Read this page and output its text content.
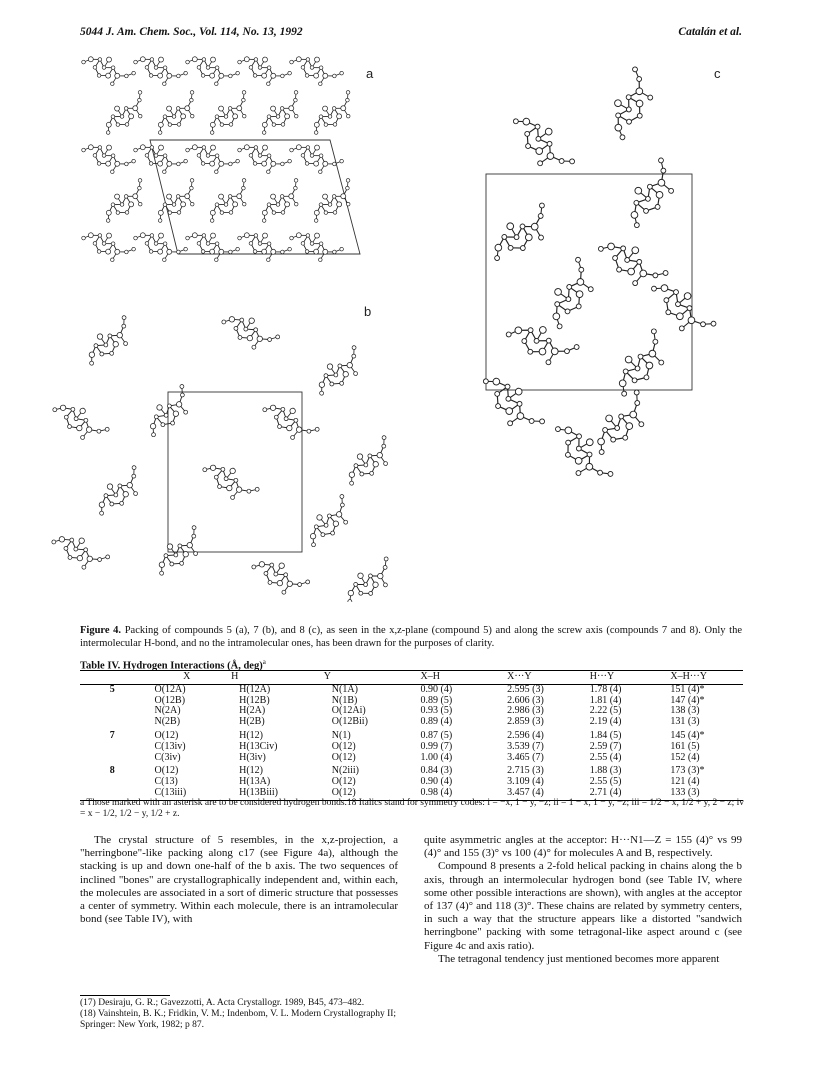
5044 J. Am. Chem. Soc., Vol. 114, No. 13, 1992	Catalán et al.
a
b
c
Figure 4. Packing of compounds 5 (a), 7 (b), and 8 (c), as seen in the x,z-plane (compound 5) and along the screw axis (compounds 7 and 8). Only the intermolecular H-bond, and no the intramolecular ones, has been drawn for the purposes of clarity.
Table IV. Hydrogen Interactions (Å, deg)$^a$
	X	H	Y	X–H	X···Y	H···Y	X–H···Y
5	O(12A)	H(12A)	N(1A)	0.90 (4)	2.595 (3)	1.78 (4)	151 (4)*
	O(12B)	H(12B)	N(1B)	0.89 (5)	2.606 (3)	1.81 (4)	147 (4)*
	N(2A)	H(2A)	O(12Ai)	0.93 (5)	2.986 (3)	2.22 (5)	138 (3)
	N(2B)	H(2B)	O(12Bii)	0.89 (4)	2.859 (3)	2.19 (4)	131 (3)
7	O(12)	H(12)	N(1)	0.87 (5)	2.596 (4)	1.84 (5)	145 (4)*
	C(13iv)	H(13Civ)	O(12)	0.99 (7)	3.539 (7)	2.59 (7)	161 (5)
	C(3iv)	H(3iv)	O(12)	1.00 (4)	3.465 (7)	2.55 (4)	152 (4)
8	O(12)	H(12)	N(2iii)	0.84 (3)	2.715 (3)	1.88 (3)	173 (3)*
	C(13)	H(13A)	O(12)	0.90 (4)	3.109 (4)	2.55 (5)	121 (4)
	C(13iii)	H(13Biii)	O(12)	0.98 (4)	3.457 (4)	2.71 (4)	133 (3)
a Those marked with an asterisk are to be considered hydrogen bonds.18 Italics stand for symmetry codes: i = −x, 1 − y, −z; ii = 1 − x, 1 − y, −z; iii = 1/2 − x, 1/2 + y, 2 − z; iv = x − 1/2, 1/2 − y, 1/2 + z.

The crystal structure of 5 resembles, in the x,z-projection, a "herringbone"-like packing along c17 (see Figure 4a), although the stacking is up and down one-half of the b axis. The two sequences of inclined "bones" are crystallographically independent and, within each, the molecules are associated in a sort of dimeric structure that possesses a center of symmetry. Within each molecule, there is an intramolecular bond (see Table IV), with

(17) Desiraju, G. R.; Gavezzotti, A. Acta Crystallogr. 1989, B45, 473–482.
(18) Vainshtein, B. K.; Fridkin, V. M.; Indenbom, V. L. Modern Crystallography II; Springer: New York, 1982; p 87.

quite asymmetric angles at the acceptor: H···N1—Z = 155 (4)° vs 99 (4)° and 155 (3)° vs 100 (4)° for molecules A and B, respectively.

Compound 8 presents a 2-fold helical packing in chains along the b axis, through an intermolecular hydrogen bond (see Table IV, where some other possible interactions are shown), with angles at the acceptor of 137 (4)° and 118 (3)°. These chains are related by symmetry centers, in such a way that the structure appears like a distorted "sandwich herringbone" packing with some tetragonal-like aspect around c (see Figure 4c and axis ratio).

The tetragonal tendency just mentioned becomes more apparent
